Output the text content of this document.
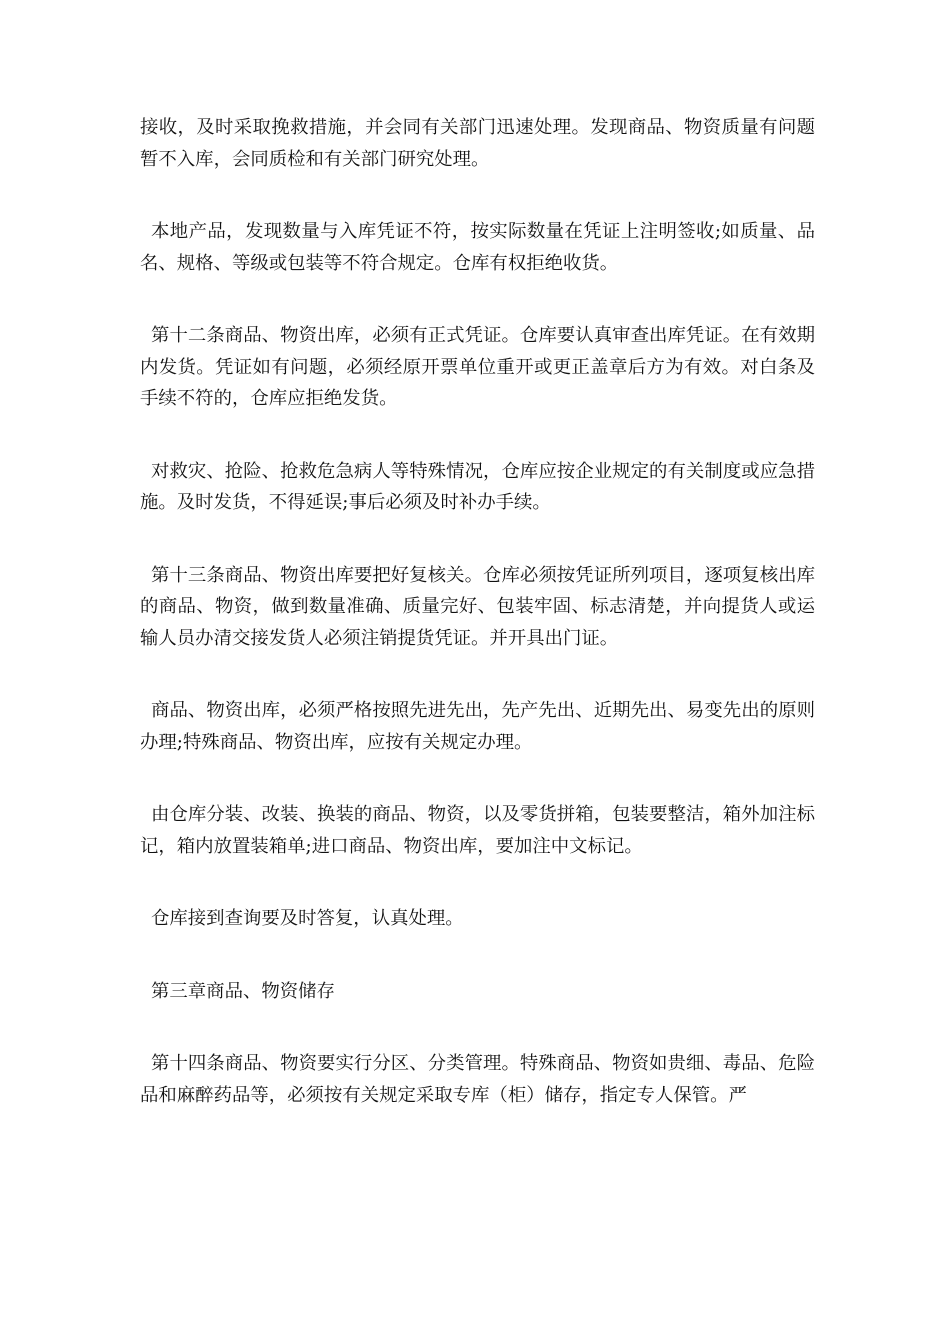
接收，及时采取挽救措施，并会同有关部门迅速处理。发现商品、物资质量有问题暂不入库，会同质检和有关部门研究处理。

本地产品，发现数量与入库凭证不符，按实际数量在凭证上注明签收;如质量、品名、规格、等级或包装等不符合规定。仓库有权拒绝收货。

第十二条商品、物资出库，必须有正式凭证。仓库要认真审查出库凭证。在有效期内发货。凭证如有问题，必须经原开票单位重开或更正盖章后方为有效。对白条及手续不符的，仓库应拒绝发货。

对救灾、抢险、抢救危急病人等特殊情况，仓库应按企业规定的有关制度或应急措施。及时发货，不得延误;事后必须及时补办手续。

第十三条商品、物资出库要把好复核关。仓库必须按凭证所列项目，逐项复核出库的商品、物资，做到数量准确、质量完好、包装牢固、标志清楚，并向提货人或运输人员办清交接发货人必须注销提货凭证。并开具出门证。

商品、物资出库，必须严格按照先进先出，先产先出、近期先出、易变先出的原则办理;特殊商品、物资出库，应按有关规定办理。

由仓库分装、改装、换装的商品、物资，以及零货拼箱，包装要整洁，箱外加注标记，箱内放置装箱单;进口商品、物资出库，要加注中文标记。

仓库接到查询要及时答复，认真处理。

第三章商品、物资储存

第十四条商品、物资要实行分区、分类管理。特殊商品、物资如贵细、毒品、危险品和麻醉药品等，必须按有关规定采取专库（柜）储存，指定专人保管。严
